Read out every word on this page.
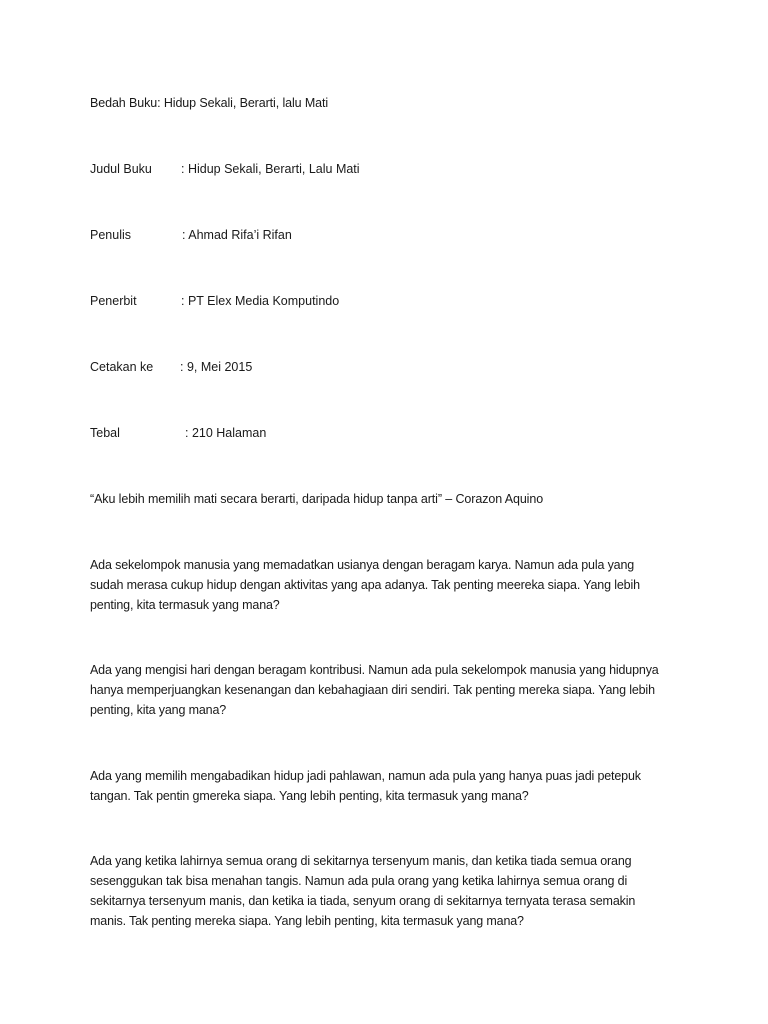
Bedah Buku: Hidup Sekali, Berarti, lalu Mati
Judul Buku : Hidup Sekali, Berarti, Lalu Mati
Penulis	: Ahmad Rifa’i Rifan
Penerbit	: PT Elex Media Komputindo
Cetakan ke : 9, Mei 2015
Tebal	: 210 Halaman
“Aku lebih memilih mati secara berarti, daripada hidup tanpa arti” – Corazon Aquino
Ada sekelompok manusia yang memadatkan usianya dengan beragam karya. Namun ada pula yang
sudah merasa cukup hidup dengan aktivitas yang apa adanya. Tak penting meereka siapa. Yang lebih
penting, kita termasuk yang mana?
Ada yang mengisi hari dengan beragam kontribusi. Namun ada pula sekelompok manusia yang hidupnya
hanya memperjuangkan kesenangan dan kebahagiaan diri sendiri. Tak penting mereka siapa. Yang lebih
penting, kita yang mana?
Ada yang memilih mengabadikan hidup jadi pahlawan, namun ada pula yang hanya puas jadi petepuk
tangan. Tak pentin gmereka siapa. Yang lebih penting, kita termasuk yang mana?
Ada yang ketika lahirnya semua orang di sekitarnya tersenyum manis, dan ketika tiada semua orang
sesenggukan tak bisa menahan tangis. Namun ada pula orang yang ketika lahirnya semua orang di
sekitarnya tersenyum manis, dan ketika ia tiada, senyum orang di sekitarnya ternyata terasa semakin
manis. Tak penting mereka siapa. Yang lebih penting, kita termasuk yang mana?
